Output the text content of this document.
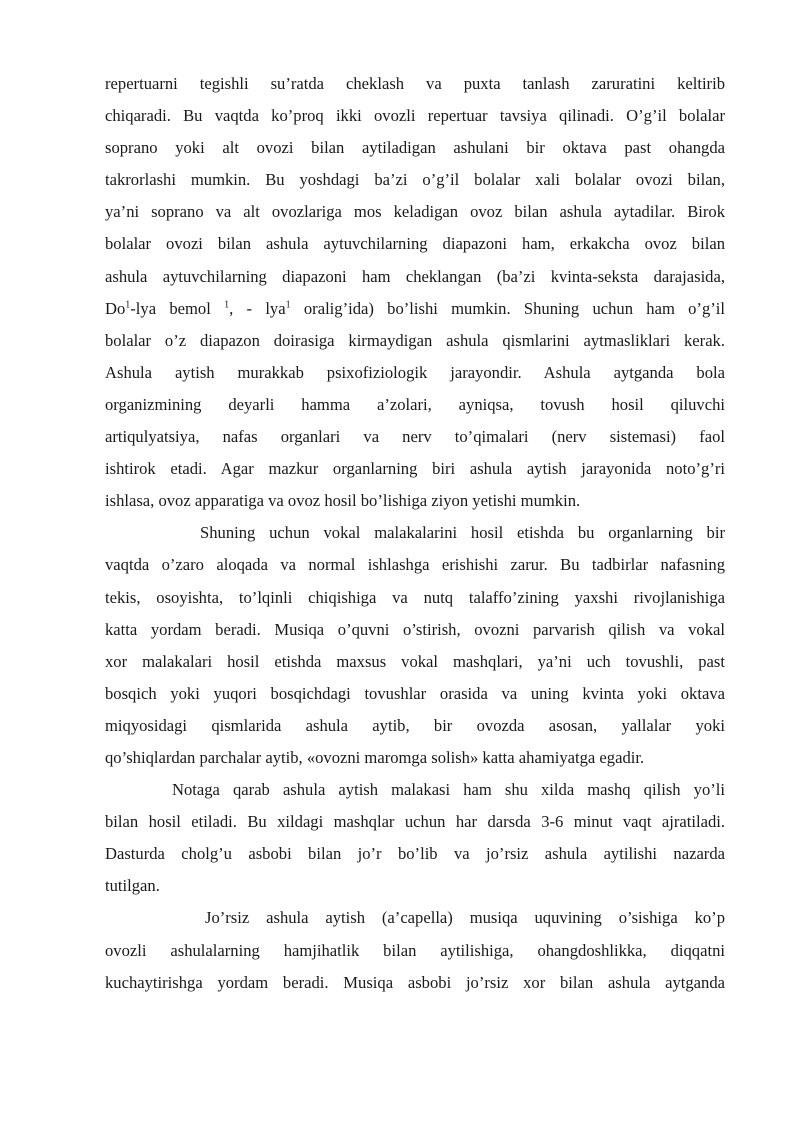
repertuarni tegishli su’ratda cheklash va puxta tanlash zaruratini keltirib
chiqaradi. Bu vaqtda ko’proq ikki ovozli repertuar tavsiya qilinadi. O’g’il bolalar
soprano yoki alt ovozi bilan aytiladigan ashulani bir oktava past ohangda
takrorlashi mumkin. Bu yoshdagi ba’zi o’g’il bolalar xali bolalar ovozi bilan,
ya’ni soprano va alt ovozlariga mos keladigan ovoz bilan ashula aytadilar. Birok
bolalar ovozi bilan ashula aytuvchilarning diapazoni ham, erkakcha ovoz bilan
ashula aytuvchilarning diapazoni ham cheklangan (ba’zi kvinta-seksta darajasida,
Do$^1$-lya bemol $^1$, - lya$^1$ oralig’ida) bo’lishi mumkin. Shuning uchun ham o’g’il
bolalar o’z diapazon doirasiga kirmaydigan ashula qismlarini aytmasliklari kerak.
Ashula aytish murakkab psixofiziologik jarayondir. Ashula aytganda bola
organizmining deyarli hamma a’zolari, ayniqsa, tovush hosil qiluvchi
artiqulyatsiya, nafas organlari va nerv to’qimalari (nerv sistemasi) faol
ishtirok etadi. Agar mazkur organlarning biri ashula aytish jarayonida noto’g’ri
ishlasa, ovoz apparatiga va ovoz hosil bo’lishiga ziyon yetishi mumkin.
Shuning uchun vokal malakalarini hosil etishda bu organlarning bir
vaqtda o’zaro aloqada va normal ishlashga erishishi zarur. Bu tadbirlar nafasning
tekis, osoyishta, to’lqinli chiqishiga va nutq talaffo’zining yaxshi rivojlanishiga
katta yordam beradi. Musiqa o’quvni o’stirish, ovozni parvarish qilish va vokal
xor malakalari hosil etishda maxsus vokal mashqlari, ya’ni uch tovushli, past
bosqich yoki yuqori bosqichdagi tovushlar orasida va uning kvinta yoki oktava
miqyosidagi qismlarida ashula aytib, bir ovozda asosan, yallalar yoki
qo’shiqlardan parchalar aytib, «ovozni maromga solish» katta ahamiyatga egadir.
Notaga qarab ashula aytish malakasi ham shu xilda mashq qilish yo’li
bilan hosil etiladi. Bu xildagi mashqlar uchun har darsda 3-6 minut vaqt ajratiladi.
Dasturda cholg’u asbobi bilan jo’r bo’lib va jo’rsiz ashula aytilishi nazarda
tutilgan.
Jo’rsiz ashula aytish (a’capella) musiqa uquvining o’sishiga ko’p
ovozli ashulalarning hamjihatlik bilan aytilishiga, ohangdoshlikka, diqqatni
kuchaytirishga yordam beradi. Musiqa asbobi jo’rsiz xor bilan ashula aytganda
